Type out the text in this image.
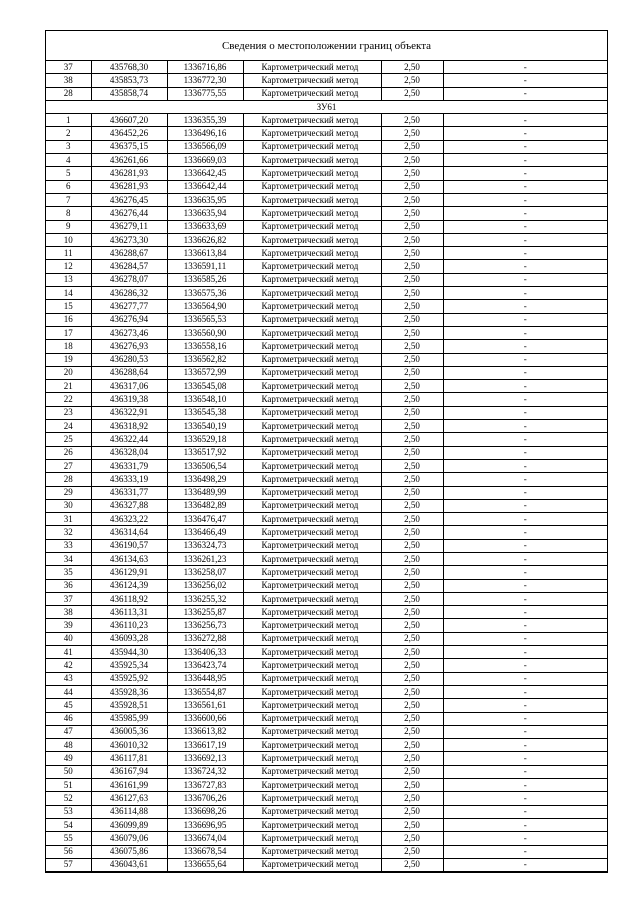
Сведения о местоположении границ объекта
37	435768,30	1336716,86	Картометрический метод	2,50	-
38	435853,73	1336772,30	Картометрический метод	2,50	-
28	435858,74	1336775,55	Картометрический метод	2,50	-
ЗУ61					
1	436607,20	1336355,39	Картометрический метод	2,50	-
2	436452,26	1336496,16	Картометрический метод	2,50	-
3	436375,15	1336566,09	Картометрический метод	2,50	-
4	436261,66	1336669,03	Картометрический метод	2,50	-
5	436281,93	1336642,45	Картометрический метод	2,50	-
6	436281,93	1336642,44	Картометрический метод	2,50	-
7	436276,45	1336635,95	Картометрический метод	2,50	-
8	436276,44	1336635,94	Картометрический метод	2,50	-
9	436279,11	1336633,69	Картометрический метод	2,50	-
10	436273,30	1336626,82	Картометрический метод	2,50	-
11	436288,67	1336613,84	Картометрический метод	2,50	-
12	436284,57	1336591,11	Картометрический метод	2,50	-
13	436278,07	1336585,26	Картометрический метод	2,50	-
14	436286,32	1336575,36	Картометрический метод	2,50	-
15	436277,77	1336564,90	Картометрический метод	2,50	-
16	436276,94	1336565,53	Картометрический метод	2,50	-
17	436273,46	1336560,90	Картометрический метод	2,50	-
18	436276,93	1336558,16	Картометрический метод	2,50	-
19	436280,53	1336562,82	Картометрический метод	2,50	-
20	436288,64	1336572,99	Картометрический метод	2,50	-
21	436317,06	1336545,08	Картометрический метод	2,50	-
22	436319,38	1336548,10	Картометрический метод	2,50	-
23	436322,91	1336545,38	Картометрический метод	2,50	-
24	436318,92	1336540,19	Картометрический метод	2,50	-
25	436322,44	1336529,18	Картометрический метод	2,50	-
26	436328,04	1336517,92	Картометрический метод	2,50	-
27	436331,79	1336506,54	Картометрический метод	2,50	-
28	436333,19	1336498,29	Картометрический метод	2,50	-
29	436331,77	1336489,99	Картометрический метод	2,50	-
30	436327,88	1336482,89	Картометрический метод	2,50	-
31	436323,22	1336476,47	Картометрический метод	2,50	-
32	436314,64	1336466,49	Картометрический метод	2,50	-
33	436190,57	1336324,73	Картометрический метод	2,50	-
34	436134,63	1336261,23	Картометрический метод	2,50	-
35	436129,91	1336258,07	Картометрический метод	2,50	-
36	436124,39	1336256,02	Картометрический метод	2,50	-
37	436118,92	1336255,32	Картометрический метод	2,50	-
38	436113,31	1336255,87	Картометрический метод	2,50	-
39	436110,23	1336256,73	Картометрический метод	2,50	-
40	436093,28	1336272,88	Картометрический метод	2,50	-
41	435944,30	1336406,33	Картометрический метод	2,50	-
42	435925,34	1336423,74	Картометрический метод	2,50	-
43	435925,92	1336448,95	Картометрический метод	2,50	-
44	435928,36	1336554,87	Картометрический метод	2,50	-
45	435928,51	1336561,61	Картометрический метод	2,50	-
46	435985,99	1336600,66	Картометрический метод	2,50	-
47	436005,36	1336613,82	Картометрический метод	2,50	-
48	436010,32	1336617,19	Картометрический метод	2,50	-
49	436117,81	1336692,13	Картометрический метод	2,50	-
50	436167,94	1336724,32	Картометрический метод	2,50	-
51	436161,99	1336727,83	Картометрический метод	2,50	-
52	436127,63	1336706,26	Картометрический метод	2,50	-
53	436114,88	1336698,26	Картометрический метод	2,50	-
54	436099,89	1336696,95	Картометрический метод	2,50	-
55	436079,06	1336674,04	Картометрический метод	2,50	-
56	436075,86	1336678,54	Картометрический метод	2,50	-
57	436043,61	1336655,64	Картометрический метод	2,50	-
